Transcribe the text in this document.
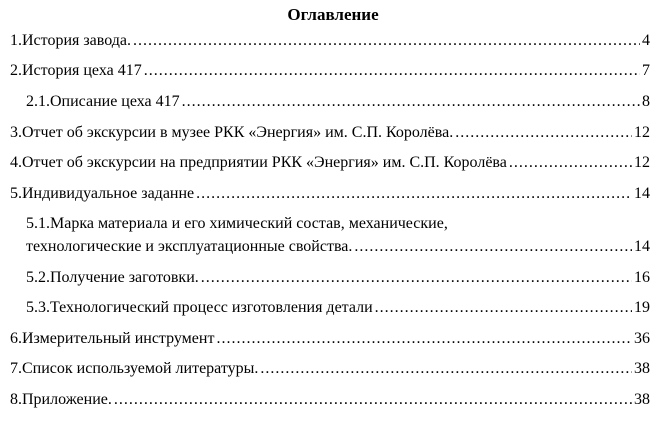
Оглавление
1.История завода. . . .	4
2.История цеха 417 . . .	7
2.1.Описание цеха 417 . . .	8
3.Отчет об экскурсии в музее РКК «Энергия» им. С.П. Королёва. . . .	12
4.Отчет об экскурсии на предприятии РКК «Энергия» им. С.П. Королёва . . .	12
5.Индивидуальное заданне . . .	14
5.1.Марка материала и его химический состав, механические,
технологические и эксплуатационные свойства. . . .	14
5.2.Получение заготовки. . . .	16
5.3.Технологический процесс изготовления детали . . .	19
6.Измерительный инструмент . . .	36
7.Список используемой литературы. . . .	38
8.Приложение. . . .	38
